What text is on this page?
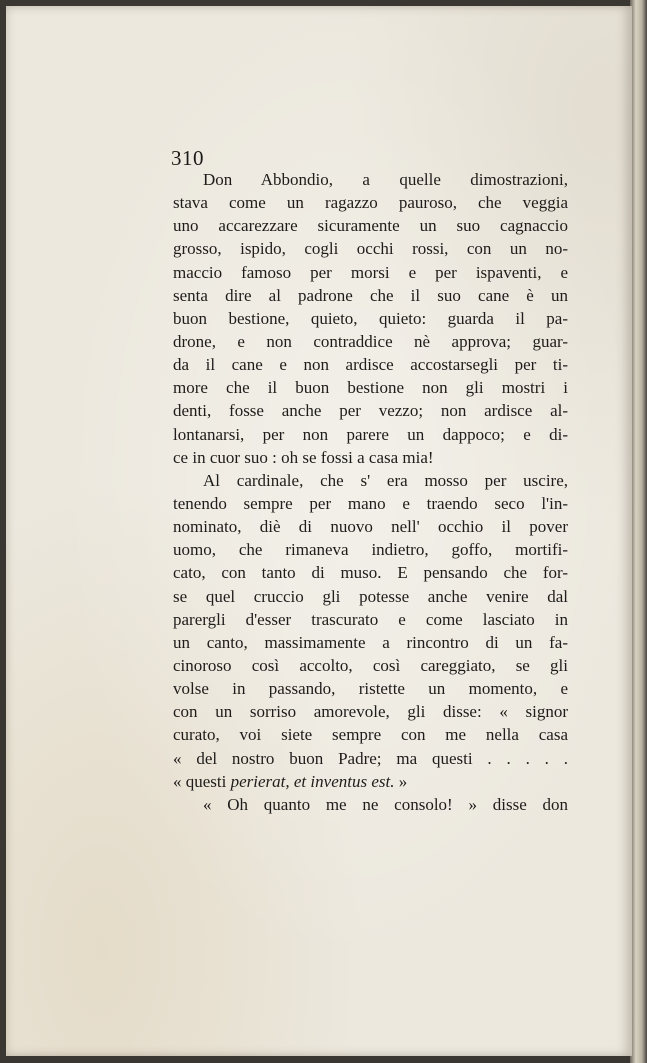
310
Don Abbondio, a quelle dimostrazioni,
stava come un ragazzo pauroso, che veggia
uno accarezzare sicuramente un suo cagnaccio
grosso, ispido, cogli occhi rossi, con un no-
maccio famoso per morsi e per ispaventi, e
senta dire al padrone che il suo cane è un
buon bestione, quieto, quieto: guarda il pa-
drone, e non contraddice nè approva; guar-
da il cane e non ardisce accostarsegli per ti-
more che il buon bestione non gli mostri i
denti, fosse anche per vezzo; non ardisce al-
lontanarsi, per non parere un dappoco; e di-
ce in cuor suo : oh se fossi a casa mia!
Al cardinale, che s' era mosso per uscire,
tenendo sempre per mano e traendo seco l'in-
nominato, diè di nuovo nell' occhio il pover
uomo, che rimaneva indietro, goffo, mortifi-
cato, con tanto di muso. E pensando che for-
se quel cruccio gli potesse anche venire dal
parergli d'esser trascurato e come lasciato in
un canto, massimamente a rincontro di un fa-
cinoroso così accolto, così careggiato, se gli
volse in passando, ristette un momento, e
con un sorriso amorevole, gli disse: « signor
curato, voi siete sempre con me nella casa
« del nostro buon Padre; ma questi . . . . .
« questi perierat, et inventus est. »
« Oh quanto me ne consolo! » disse don
